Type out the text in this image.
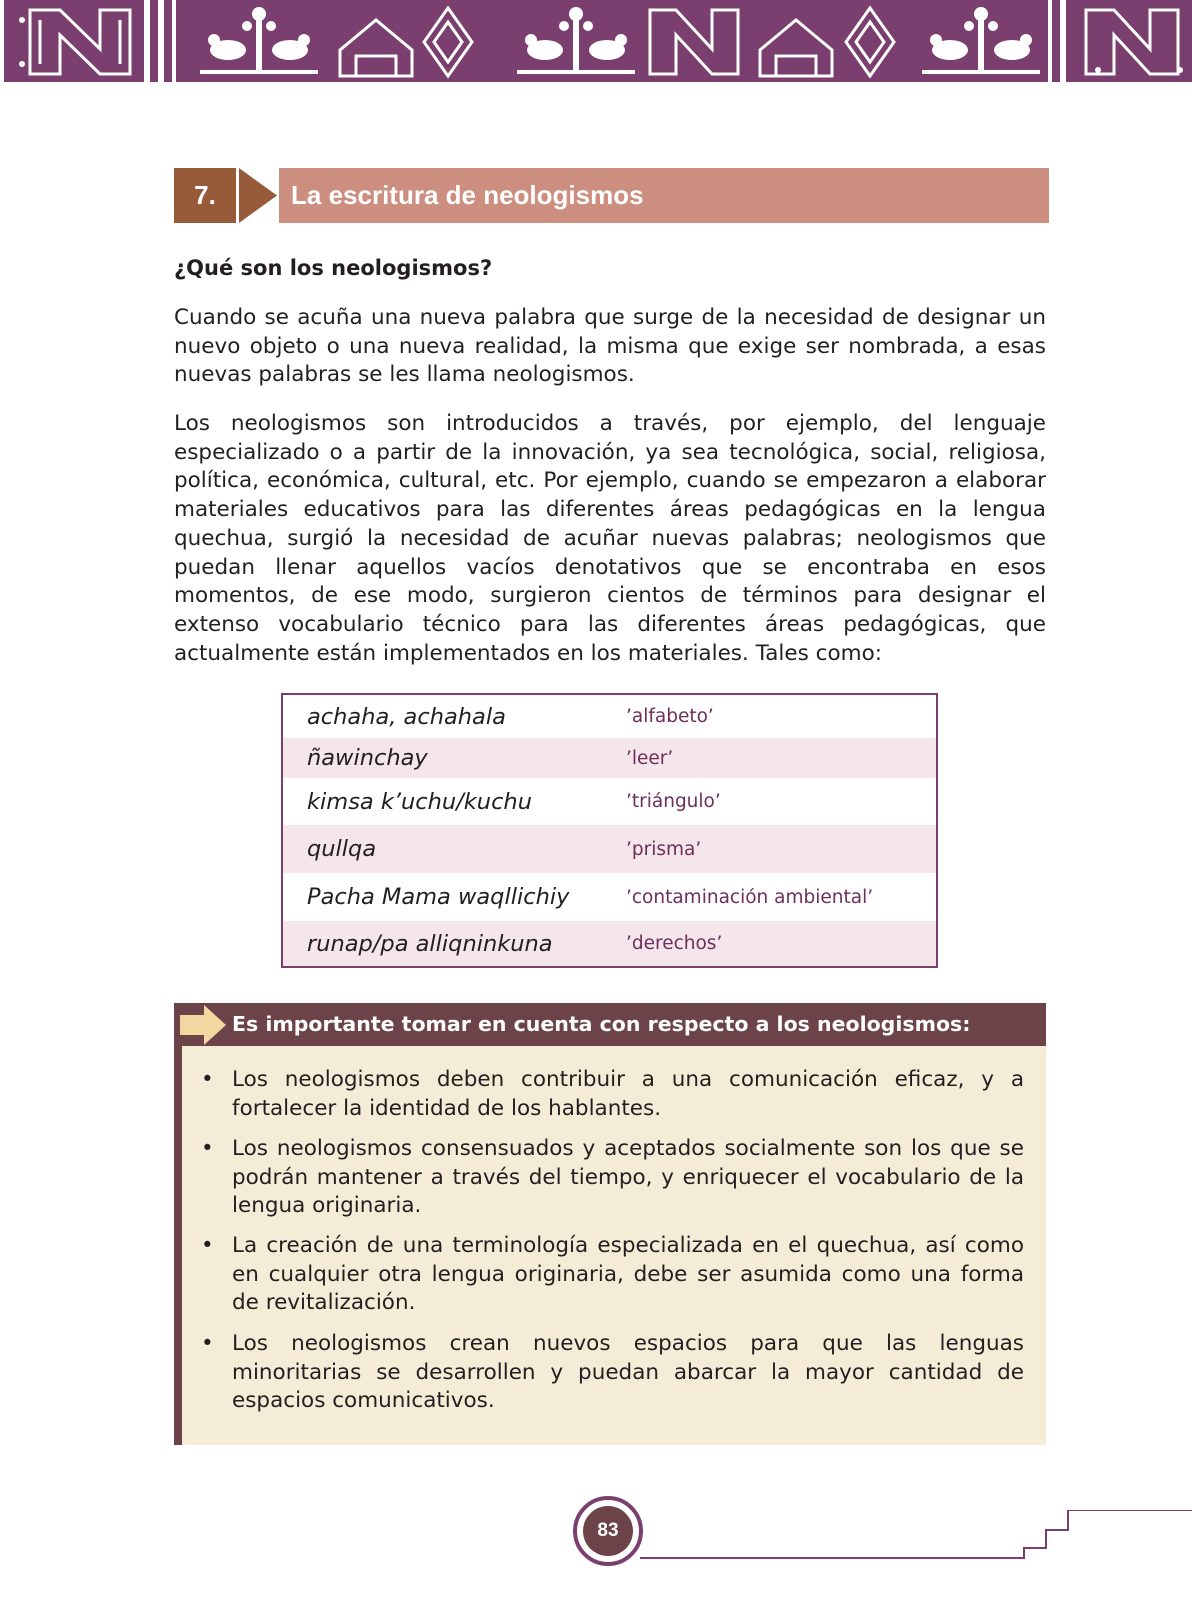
7.	La escritura de neologismos
¿Qué son los neologismos?

Cuando se acuña una nueva palabra que surge de la necesidad de designar un nuevo objeto o una nueva realidad, la misma que exige ser nombrada, a esas nuevas palabras se les llama neologismos.

Los neologismos son introducidos a través, por ejemplo, del lenguaje especializado o a partir de la innovación, ya sea tecnológica, social, religiosa, política, económica, cultural, etc. Por ejemplo, cuando se empezaron a elaborar materiales educativos para las diferentes áreas pedagógicas en la lengua quechua, surgió la necesidad de acuñar nuevas palabras; neologismos que puedan llenar aquellos vacíos denotativos que se encontraba en esos momentos, de ese modo, surgieron cientos de términos para designar el extenso vocabulario técnico para las diferentes áreas pedagógicas, que actualmente están implementados en los materiales. Tales como:

achaha, achahala	’alfabeto’
ñawinchay	’leer’
kimsa k’uchu/kuchu	’triángulo’
qullqa	’prisma’
Pacha Mama waqllichiy	’contaminación ambiental’
runap/pa alliqninkuna	’derechos’
Es importante tomar en cuenta con respecto a los neologismos:

• Los neologismos deben contribuir a una comunicación eficaz, y a fortalecer la identidad de los hablantes.

• Los neologismos consensuados y aceptados socialmente son los que se podrán mantener a través del tiempo, y enriquecer el vocabulario de la lengua originaria.

• La creación de una terminología especializada en el quechua, así como en cualquier otra lengua originaria, debe ser asumida como una forma de revitalización.

• Los neologismos crean nuevos espacios para que las lenguas minoritarias se desarrollen y puedan abarcar la mayor cantidad de espacios comunicativos.

83
